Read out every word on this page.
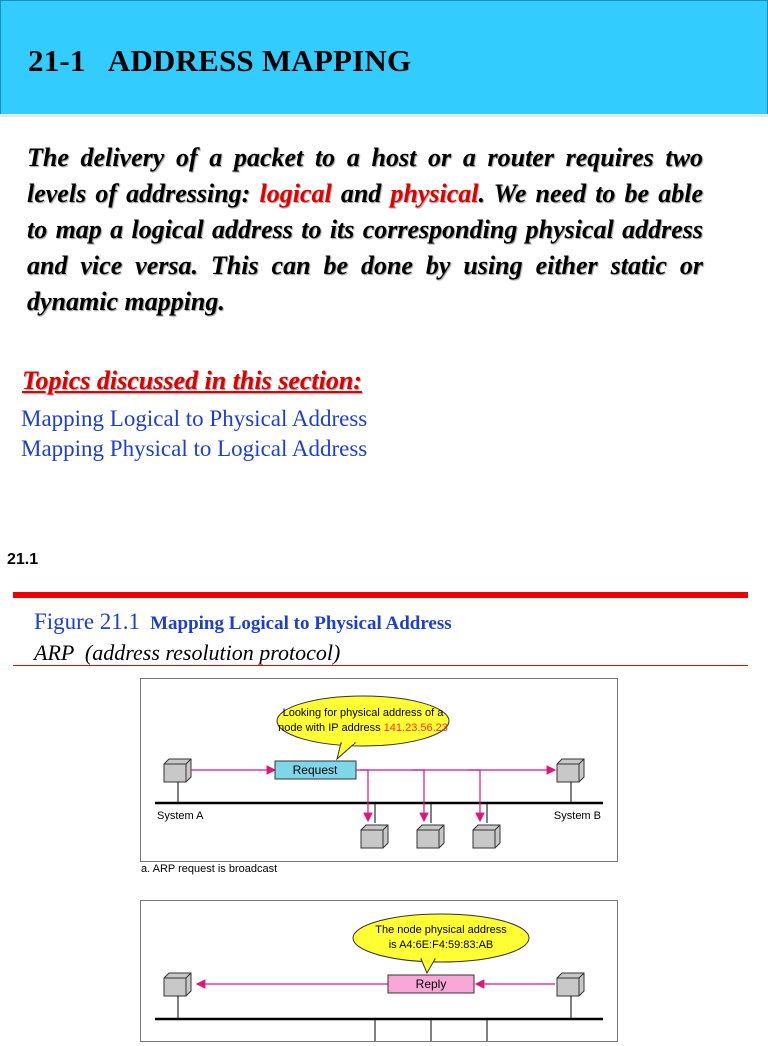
21-1   ADDRESS MAPPING
The delivery of a packet to a host or a router requires two levels of addressing: logical and physical. We need to be able to map a logical address to its corresponding physical address and vice versa. This can be done by using either static or dynamic mapping.
Topics discussed in this section:
Mapping Logical to Physical Address
Mapping Physical to Logical Address
21.1
Figure 21.1 Mapping Logical to Physical Address
ARP  (address resolution protocol)
Looking for physical address of a
node with IP address 141.23.56.23
System A	System B
Request
a. ARP request is broadcast
The node physical address
is A4:6E:F4:59:83:AB
Reply
